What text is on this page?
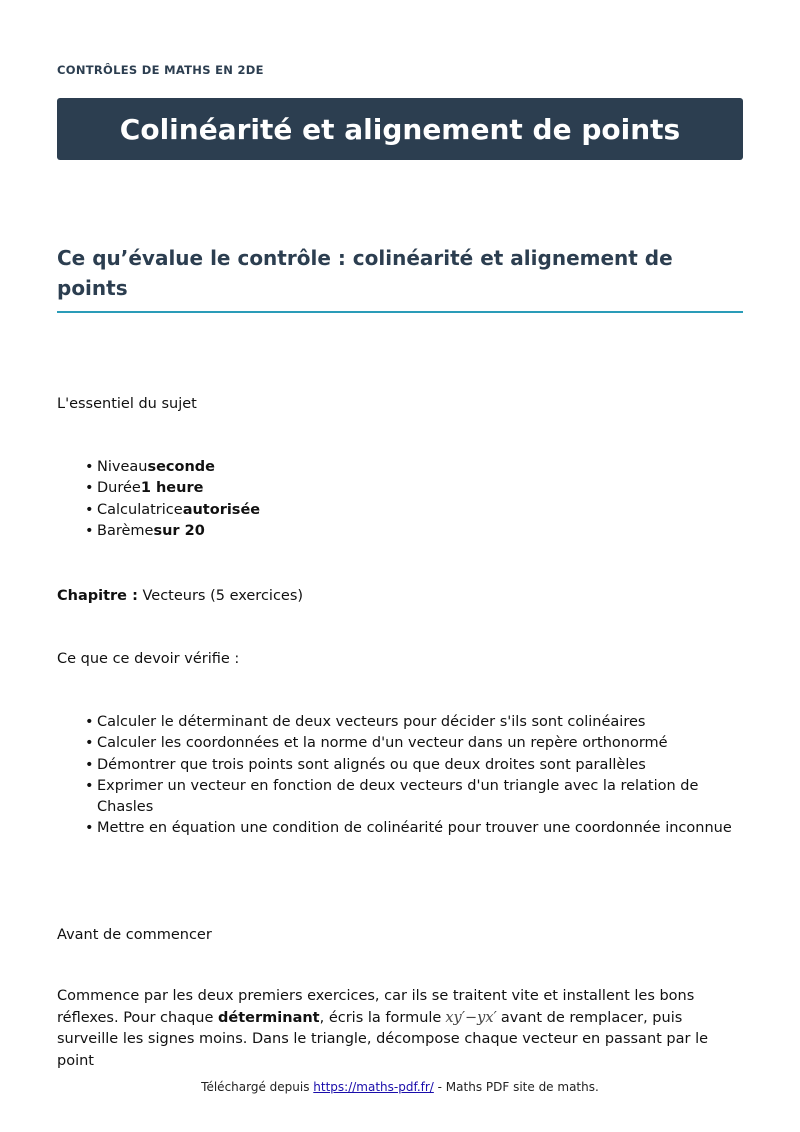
CONTRÔLES DE MATHS EN 2DE
Colinéarité et alignement de points
Ce qu’évalue le contrôle : colinéarité et alignement de points

L'essentiel du sujet

• Niveauseconde
• Durée1 heure
• Calculatriceautorisée
• Barèmesur 20

Chapitre : Vecteurs (5 exercices)

Ce que ce devoir vérifie :

• Calculer le déterminant de deux vecteurs pour décider s'ils sont colinéaires
• Calculer les coordonnées et la norme d'un vecteur dans un repère orthonormé
• Démontrer que trois points sont alignés ou que deux droites sont parallèles
• Exprimer un vecteur en fonction de deux vecteurs d'un triangle avec la relation de Chasles
• Mettre en équation une condition de colinéarité pour trouver une coordonnée inconnue

Avant de commencer

Commence par les deux premiers exercices, car ils se traitent vite et installent les bons réflexes. Pour chaque déterminant, écris la formule xy′−yx′ avant de remplacer, puis surveille les signes moins. Dans le triangle, décompose chaque vecteur en passant par le point

Téléchargé depuis https://maths-pdf.fr/ - Maths PDF site de maths.
